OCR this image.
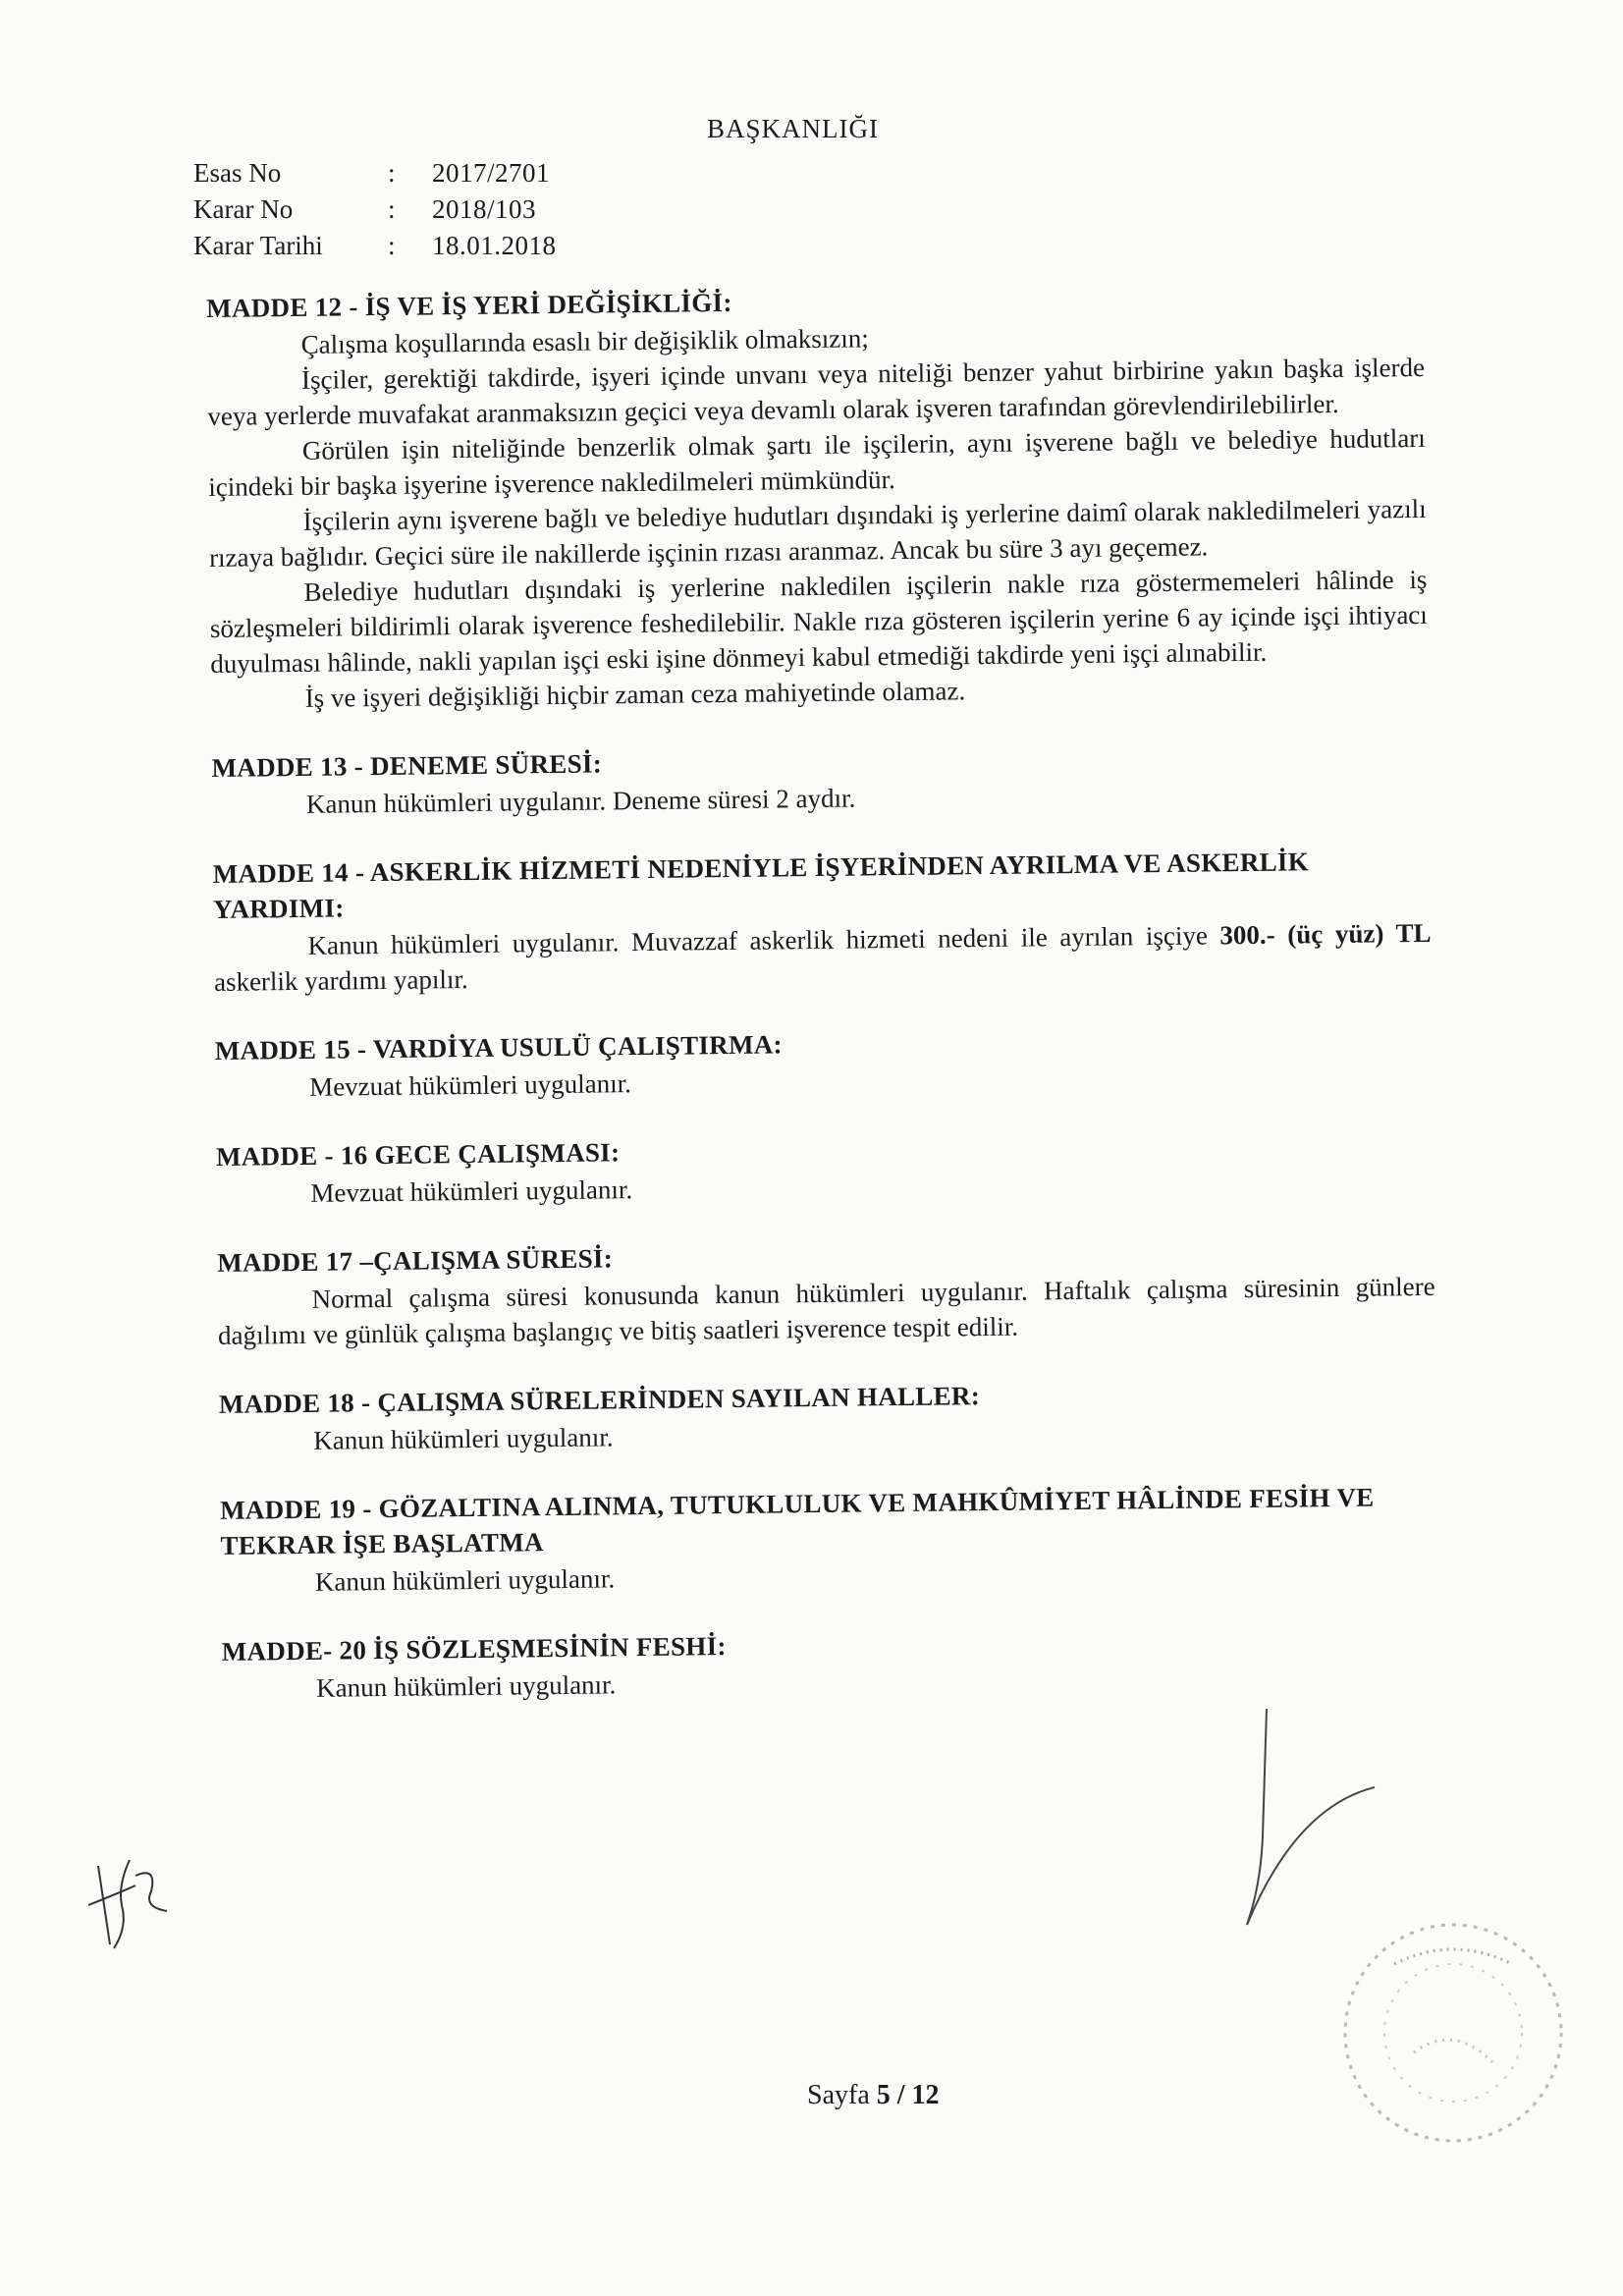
BAŞKANLIĞI
Esas No	:	2017/2701
Karar No	:	2018/103
Karar Tarihi	:	18.01.2018
MADDE 12 - İŞ VE İŞ YERİ DEĞİŞİKLİĞİ:

Çalışma koşullarında esaslı bir değişiklik olmaksızın;

İşçiler, gerektiği takdirde, işyeri içinde unvanı veya niteliği benzer yahut birbirine yakın başka işlerde veya yerlerde muvafakat aranmaksızın geçici veya devamlı olarak işveren tarafından görevlendirilebilirler.

Görülen işin niteliğinde benzerlik olmak şartı ile işçilerin, aynı işverene bağlı ve belediye hudutları içindeki bir başka işyerine işverence nakledilmeleri mümkündür.

İşçilerin aynı işverene bağlı ve belediye hudutları dışındaki iş yerlerine daimî olarak nakledilmeleri yazılı rızaya bağlıdır. Geçici süre ile nakillerde işçinin rızası aranmaz. Ancak bu süre 3 ayı geçemez.

Belediye hudutları dışındaki iş yerlerine nakledilen işçilerin nakle rıza göstermemeleri hâlinde iş sözleşmeleri bildirimli olarak işverence feshedilebilir. Nakle rıza gösteren işçilerin yerine 6 ay içinde işçi ihtiyacı duyulması hâlinde, nakli yapılan işçi eski işine dönmeyi kabul etmediği takdirde yeni işçi alınabilir.

İş ve işyeri değişikliği hiçbir zaman ceza mahiyetinde olamaz.

MADDE 13 - DENEME SÜRESİ:

Kanun hükümleri uygulanır. Deneme süresi 2 aydır.

MADDE 14 - ASKERLİK HİZMETİ NEDENİYLE İŞYERİNDEN AYRILMA VE ASKERLİK YARDIMI:

Kanun hükümleri uygulanır. Muvazzaf askerlik hizmeti nedeni ile ayrılan işçiye 300.- (üç yüz) TL askerlik yardımı yapılır.

MADDE 15 - VARDİYA USULÜ ÇALIŞTIRMA:

Mevzuat hükümleri uygulanır.

MADDE - 16 GECE ÇALIŞMASI:

Mevzuat hükümleri uygulanır.

MADDE 17 –ÇALIŞMA SÜRESİ:

Normal çalışma süresi konusunda kanun hükümleri uygulanır. Haftalık çalışma süresinin günlere dağılımı ve günlük çalışma başlangıç ve bitiş saatleri işverence tespit edilir.

MADDE 18 - ÇALIŞMA SÜRELERİNDEN SAYILAN HALLER:

Kanun hükümleri uygulanır.

MADDE 19 - GÖZALTINA ALINMA, TUTUKLULUK VE MAHKÛMİYET HÂLİNDE FESİH VE TEKRAR İŞE BAŞLATMA

Kanun hükümleri uygulanır.

MADDE- 20 İŞ SÖZLEŞMESİNİN FESHİ:

Kanun hükümleri uygulanır.

Sayfa 5 / 12
